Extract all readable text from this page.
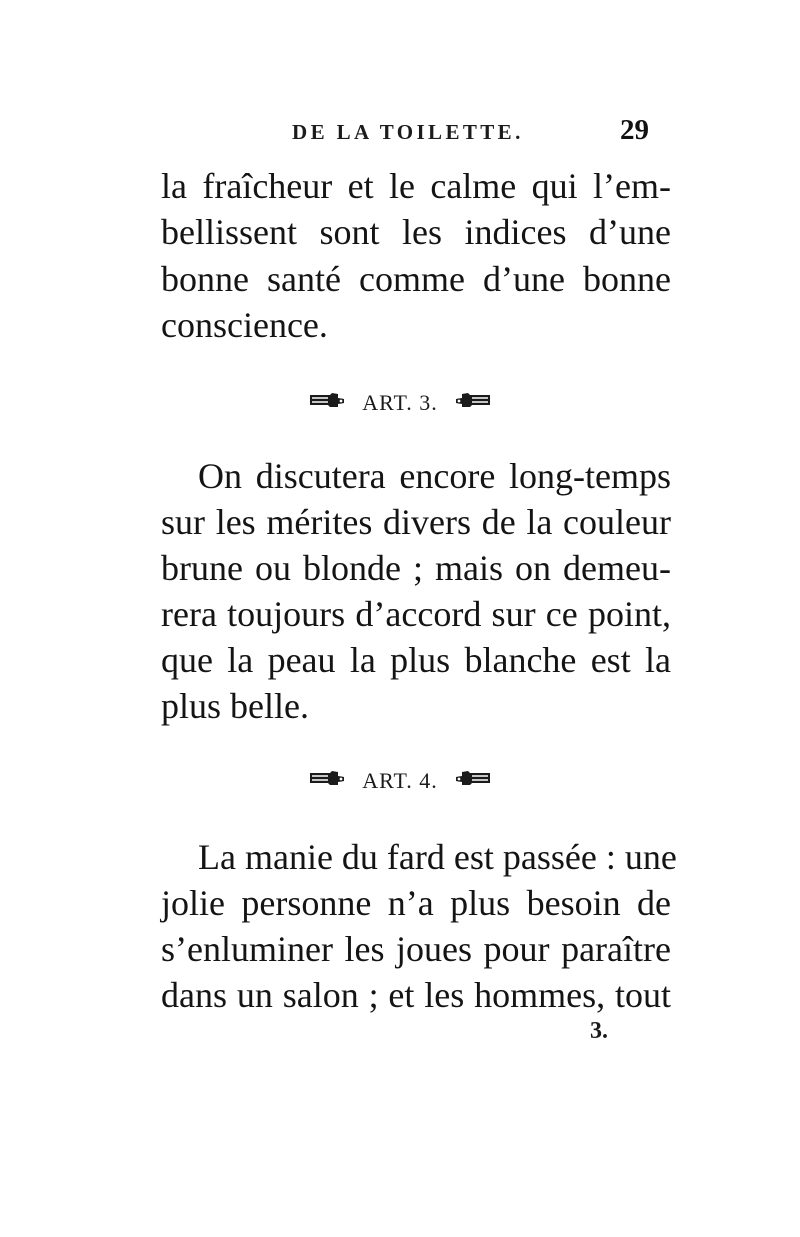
DE LA TOILETTE.	29
la fraîcheur et le calme qui l’em-
bellissent sont les indices d’une
bonne santé comme d’une bonne
conscience.
ART. 3.
On discutera encore long-temps
sur les mérites divers de la couleur
brune ou blonde ; mais on demeu-
rera toujours d’accord sur ce point,
que la peau la plus blanche est la
plus belle.
ART. 4.
La manie du fard est passée : une
jolie personne n’a plus besoin de
s’enluminer les joues pour paraître
dans un salon ; et les hommes, tout
3.
